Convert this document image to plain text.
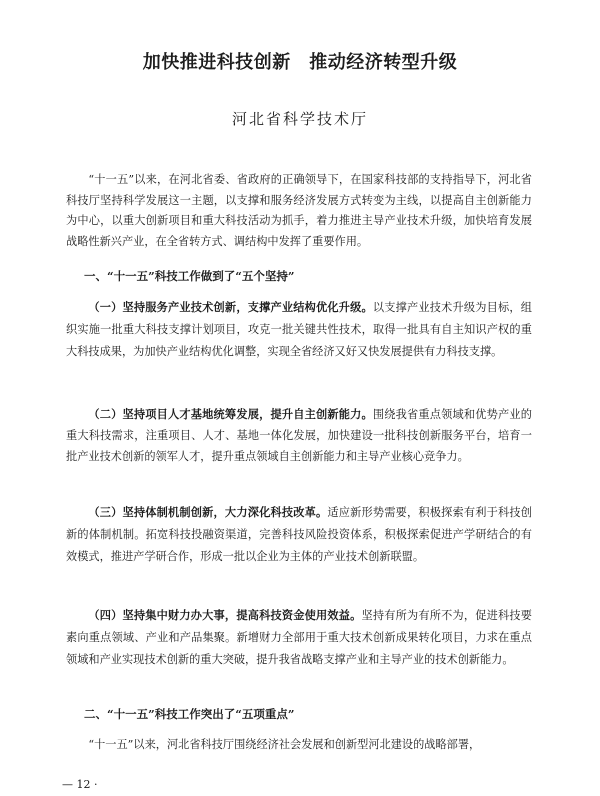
加快推进科技创新　推动经济转型升级
河北省科学技术厅

“十一五”以来，在河北省委、省政府的正确领导下，在国家科技部的支持指导下，河北省科技厅坚持科学发展这一主题，以支撑和服务经济发展方式转变为主线，以提高自主创新能力为中心，以重大创新项目和重大科技活动为抓手，着力推进主导产业技术升级，加快培育发展战略性新兴产业，在全省转方式、调结构中发挥了重要作用。

一、“十一五”科技工作做到了“五个坚持”

（一）坚持服务产业技术创新，支撑产业结构优化升级。以支撑产业技术升级为目标，组织实施一批重大科技支撑计划项目，攻克一批关键共性技术，取得一批具有自主知识产权的重大科技成果，为加快产业结构优化调整，实现全省经济又好又快发展提供有力科技支撑。

（二）坚持项目人才基地统筹发展，提升自主创新能力。围绕我省重点领域和优势产业的重大科技需求，注重项目、人才、基地一体化发展，加快建设一批科技创新服务平台，培育一批产业技术创新的领军人才，提升重点领域自主创新能力和主导产业核心竞争力。

（三）坚持体制机制创新，大力深化科技改革。适应新形势需要，积极探索有利于科技创新的体制机制。拓宽科技投融资渠道，完善科技风险投资体系，积极探索促进产学研结合的有效模式，推进产学研合作，形成一批以企业为主体的产业技术创新联盟。

（四）坚持集中财力办大事，提高科技资金使用效益。坚持有所为有所不为，促进科技要素向重点领域、产业和产品集聚。新增财力全部用于重大技术创新成果转化项目，力求在重点领域和产业实现技术创新的重大突破，提升我省战略支撑产业和主导产业的技术创新能力。

二、“十一五”科技工作突出了“五项重点”

“十一五”以来，河北省科技厅围绕经济社会发展和创新型河北建设的战略部署，

— 12 ·
